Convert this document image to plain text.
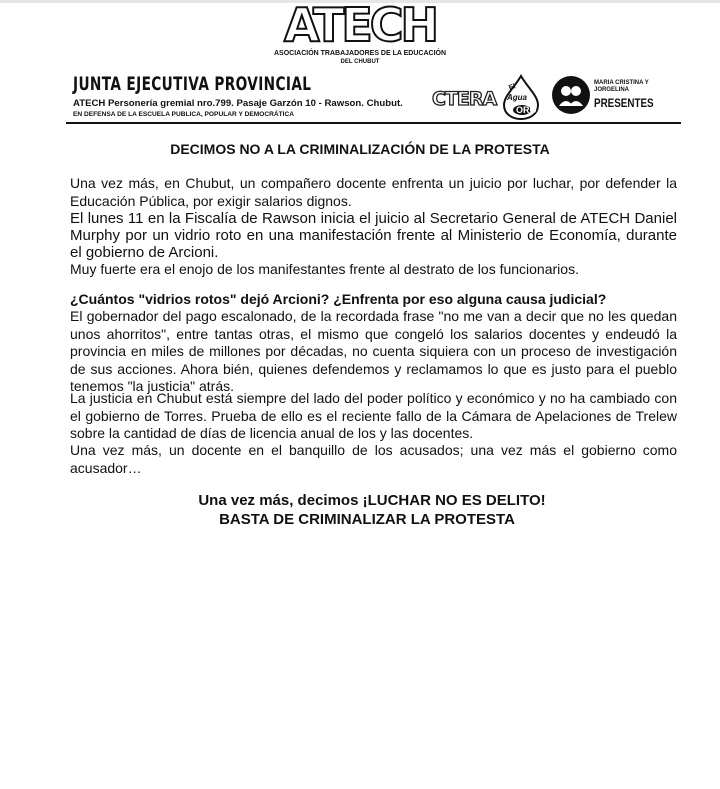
ATECH
ASOCIACIÓN TRABAJADORES DE LA EDUCACIÓN
DEL CHUBUT
JUNTA EJECUTIVA PROVINCIAL
ATECH Personería gremial nro.799. Pasaje Garzón 10 - Rawson. Chubut.
EN DEFENSA DE LA ESCUELA PUBLICA, POPULAR Y DEMOCRÁTICA
CTERA
El
Agua
ORO
MARIA CRISTINA Y JORGELINA
PRESENTES
DECIMOS NO A LA CRIMINALIZACIÓN DE LA PROTESTA

Una vez más, en Chubut, un compañero docente enfrenta un juicio por luchar, por defender la Educación Pública, por exigir salarios dignos.

El lunes 11 en la Fiscalía de Rawson inicia el juicio al Secretario General de ATECH Daniel Murphy por un vidrio roto en una manifestación frente al Ministerio de Economía, durante el gobierno de Arcioni.

Muy fuerte era el enojo de los manifestantes frente al destrato de los funcionarios.

¿Cuántos "vidrios rotos" dejó Arcioni? ¿Enfrenta por eso alguna causa judicial?

El gobernador del pago escalonado, de la recordada frase "no me van a decir que no les quedan unos ahorritos", entre tantas otras, el mismo que congeló los salarios docentes y endeudó la provincia en miles de millones por décadas, no cuenta siquiera con un proceso de investigación de sus acciones. Ahora bién, quienes defendemos y reclamamos lo que es justo para el pueblo tenemos "la justicia" atrás.

La justicia en Chubut está siempre del lado del poder político y económico y no ha cambiado con el gobierno de Torres. Prueba de ello es el reciente fallo de la Cámara de Apelaciones de Trelew sobre la cantidad de días de licencia anual de los y las docentes.

Una vez más, un docente en el banquillo de los acusados; una vez más el gobierno como acusador…

Una vez más, decimos ¡LUCHAR NO ES DELITO!
BASTA DE CRIMINALIZAR LA PROTESTA
